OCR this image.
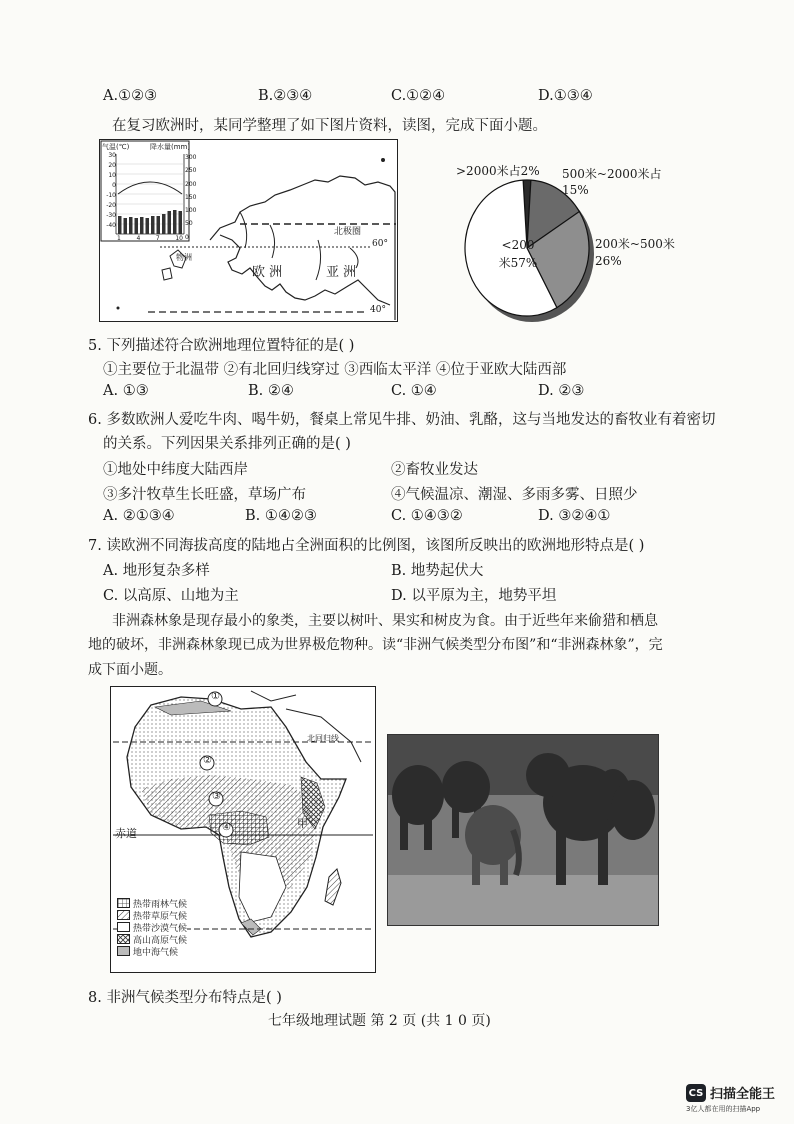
A.①②③	B.②③④	C.①②④	D.①③④
在复习欧洲时，某同学整理了如下图片资料，读图，完成下面小题。
气温(℃)	降水量(mm)
30
20
10
0
-10
-20
-30
-40
300
250
200
150
100
50
0
1	4	7	10
北极圈
60°
40°
欧 洲	亚 洲
物洲
>2000米占2% 500米~2000米占15%
200米~500米26%
<200米57%
5. 下列描述符合欧洲地理位置特征的是( )
①主要位于北温带 ②有北回归线穿过 ③西临太平洋 ④位于亚欧大陆西部
A. ①③	B. ②④	C. ①④	D. ②③
6. 多数欧洲人爱吃牛肉、喝牛奶，餐桌上常见牛排、奶油、乳酪，这与当地发达的畜牧业有着密切
的关系。下列因果关系排列正确的是( )
①地处中纬度大陆西岸	②畜牧业发达
③多汁牧草生长旺盛，草场广布	④气候温凉、潮湿、多雨多雾、日照少
A. ②①③④	B. ①④②③	C. ①④③②	D. ③②④①
7. 读欧洲不同海拔高度的陆地占全洲面积的比例图，该图所反映出的欧洲地形特点是( )
A. 地形复杂多样	B. 地势起伏大
C. 以高原、山地为主	D. 以平原为主，地势平坦
非洲森林象是现存最小的象类，主要以树叶、果实和树皮为食。由于近些年来偷猎和栖息
地的破坏，非洲森林象现已成为世界极危物种。读“非洲气候类型分布图”和“非洲森林象”，完
成下面小题。
①
②
③
④
北回归线
赤道
甲
热带雨林气候
热带草原气候
热带沙漠气候
高山高原气候
地中海气候
8. 非洲气候类型分布特点是( )
七年级地理试题 第 2 页 (共 1 0 页)
CS 扫描全能王
3亿人都在用的扫描App
